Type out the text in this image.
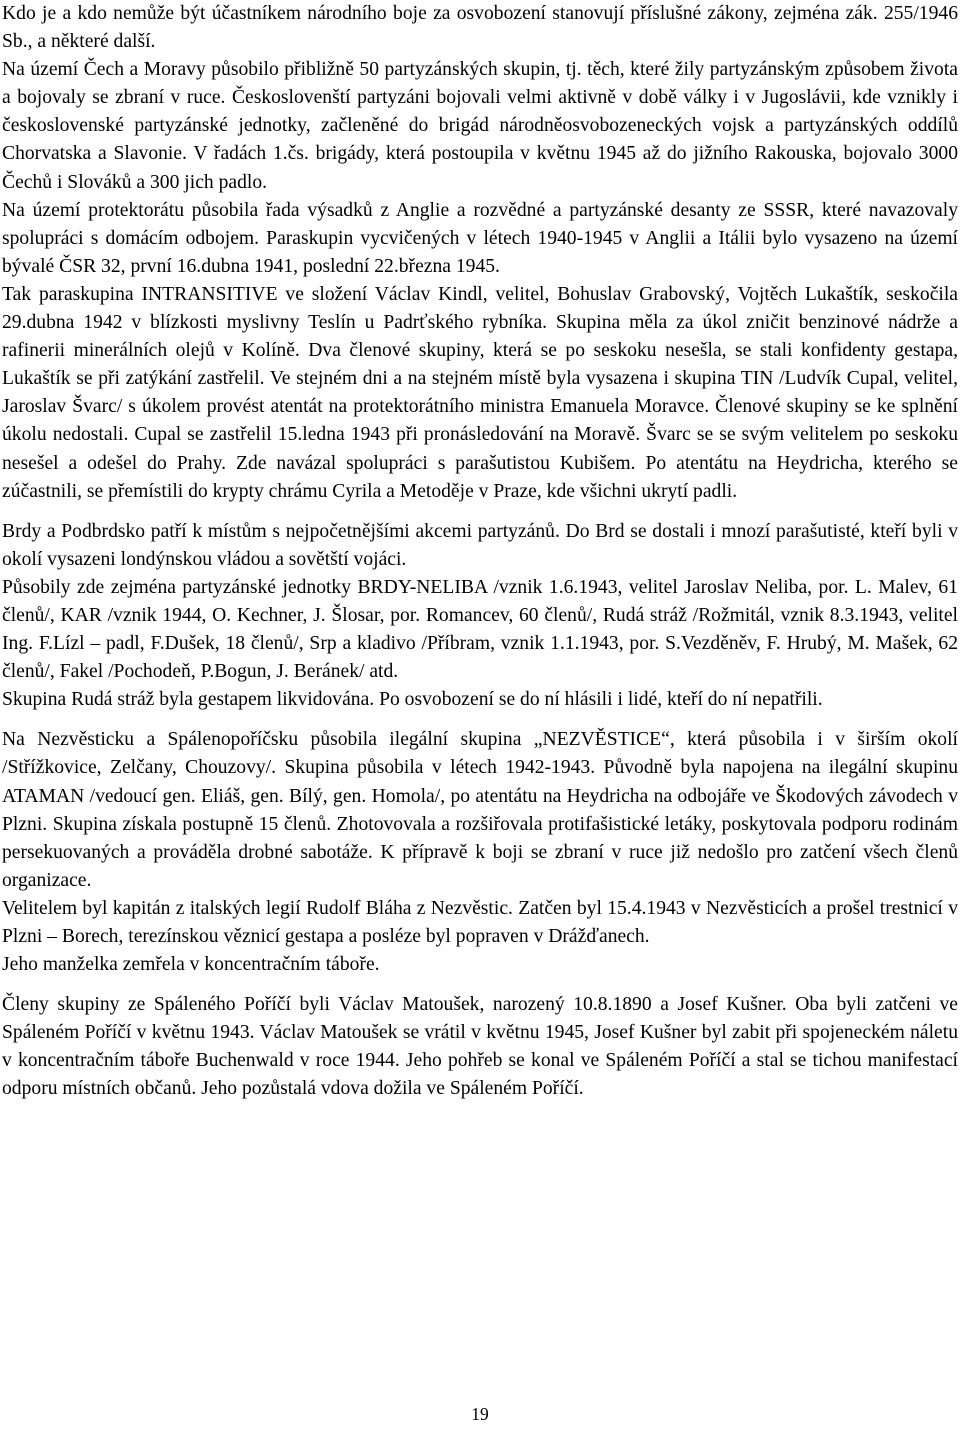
Kdo je a kdo nemůže být účastníkem národního boje za osvobození stanovují příslušné zákony, zejména zák. 255/1946 Sb., a některé další.

Na území Čech a Moravy působilo přibližně 50 partyzánských skupin, tj. těch, které žily partyzánským způsobem života a bojovaly se zbraní v ruce. Českoslovenští partyzáni bojovali velmi aktivně v době války i v Jugoslávii, kde vznikly i československé partyzánské jednotky, začleněné do brigád národněosvobozeneckých vojsk a partyzánských oddílů Chorvatska a Slavonie. V řadách 1.čs. brigády, která postoupila v květnu 1945 až do jižního Rakouska, bojovalo 3000 Čechů i Slováků a 300 jich padlo.

Na území protektorátu působila řada výsadků z Anglie a rozvědné a partyzánské desanty ze SSSR, které navazovaly spolupráci s domácím odbojem. Paraskupin vycvičených v létech 1940-1945 v Anglii a Itálii bylo vysazeno na území bývalé ČSR 32, první 16.dubna 1941, poslední 22.března 1945.

Tak paraskupina INTRANSITIVE ve složení Václav Kindl, velitel, Bohuslav Grabovský, Vojtěch Lukaštík, seskočila 29.dubna 1942 v blízkosti myslivny Teslín u Padrťského rybníka. Skupina měla za úkol zničit benzinové nádrže a rafinerii minerálních olejů v Kolíně. Dva členové skupiny, která se po seskoku nesešla, se stali konfidenty gestapa, Lukaštík se při zatýkání zastřelil. Ve stejném dni a na stejném místě byla vysazena i skupina TIN /Ludvík Cupal, velitel, Jaroslav Švarc/ s úkolem provést atentát na protektorátního ministra Emanuela Moravce. Členové skupiny se ke splnění úkolu nedostali. Cupal se zastřelil 15.ledna 1943 při pronásledování na Moravě. Švarc se se svým velitelem po seskoku nesešel a odešel do Prahy. Zde navázal spolupráci s parašutistou Kubišem. Po atentátu na Heydricha, kterého se zúčastnili, se přemístili do krypty chrámu Cyrila a Metoděje v Praze, kde všichni ukrytí padli.

Brdy a Podbrdsko patří k místům s nejpočetnějšími akcemi partyzánů. Do Brd se dostali i mnozí parašutisté, kteří byli v okolí vysazeni londýnskou vládou a sovětští vojáci.

Působily zde zejména partyzánské jednotky BRDY-NELIBA /vznik 1.6.1943, velitel Jaroslav Neliba, por. L. Malev, 61 členů/, KAR /vznik 1944, O. Kechner, J. Šlosar, por. Romancev, 60 členů/, Rudá stráž /Rožmitál, vznik 8.3.1943, velitel Ing. F.Lízl – padl, F.Dušek, 18 členů/, Srp a kladivo /Příbram, vznik 1.1.1943, por. S.Vezděněv, F. Hrubý, M. Mašek, 62 členů/, Fakel /Pochodeň, P.Bogun, J. Beránek/ atd.

Skupina Rudá stráž byla gestapem likvidována. Po osvobození se do ní hlásili i lidé, kteří do ní nepatřili.

Na Nezvěsticku a Spálenopoříčsku působila ilegální skupina „NEZVĚSTICE“, která působila i v širším okolí /Střížkovice, Zelčany, Chouzovy/. Skupina působila v létech 1942-1943. Původně byla napojena na ilegální skupinu ATAMAN /vedoucí gen. Eliáš, gen. Bílý, gen. Homola/, po atentátu na Heydricha na odbojáře ve Škodových závodech v Plzni. Skupina získala postupně 15 členů. Zhotovovala a rozšiřovala protifašistické letáky, poskytovala podporu rodinám persekuovaných a prováděla drobné sabotáže. K přípravě k boji se zbraní v ruce již nedošlo pro zatčení všech členů organizace.

Velitelem byl kapitán z italských legií Rudolf Bláha z Nezvěstic. Zatčen byl 15.4.1943 v Nezvěsticích a prošel trestnicí v Plzni – Borech, terezínskou věznicí gestapa a posléze byl popraven v Drážďanech.

Jeho manželka zemřela v koncentračním táboře.

Členy skupiny ze Spáleného Poříčí byli Václav Matoušek, narozený 10.8.1890 a Josef Kušner. Oba byli zatčeni ve Spáleném Poříčí v květnu 1943. Václav Matoušek se vrátil v květnu 1945, Josef Kušner byl zabit při spojeneckém náletu v koncentračním táboře Buchenwald v roce 1944. Jeho pohřeb se konal ve Spáleném Poříčí a stal se tichou manifestací odporu místních občanů. Jeho pozůstalá vdova dožila ve Spáleném Poříčí.

19
